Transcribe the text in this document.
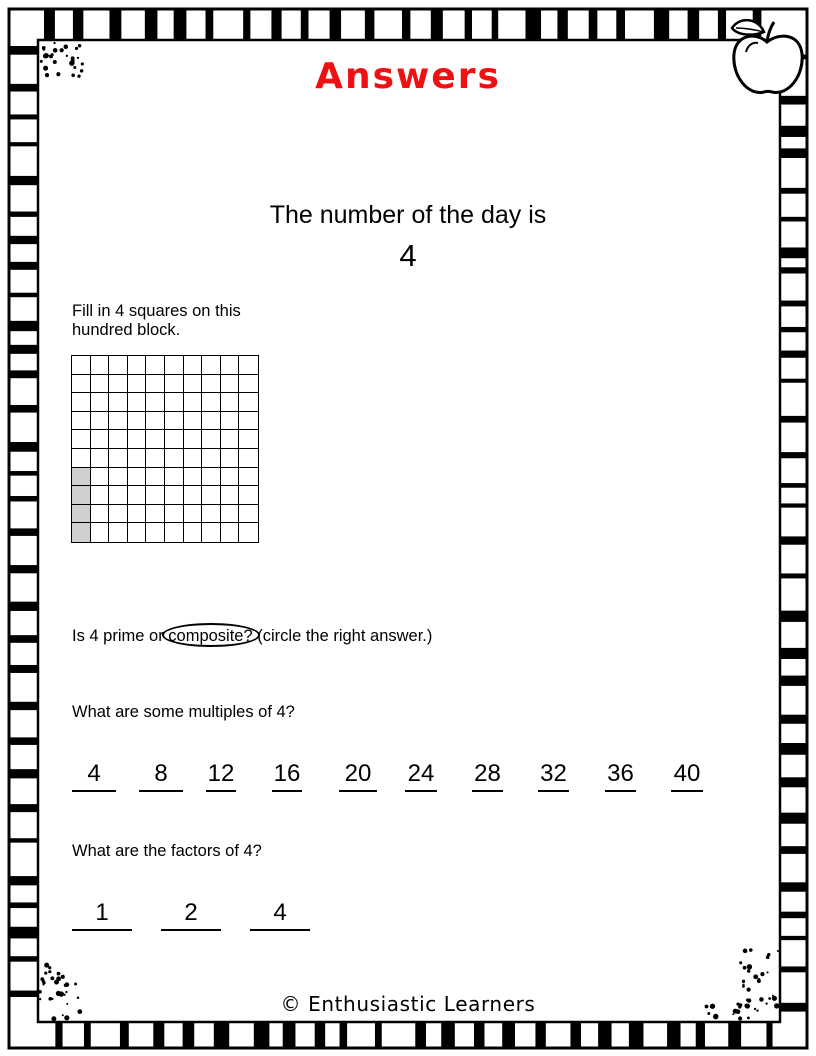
Answers
The number of the day is
4
Fill in 4 squares on this hundred block.
Is 4 prime or composite
? (circle the right answer.)
What are some multiples of 4?
4	8	12 16 20 24 28 32 36 40
What are the factors of 4?
1	2	4
© Enthusiastic Learners
